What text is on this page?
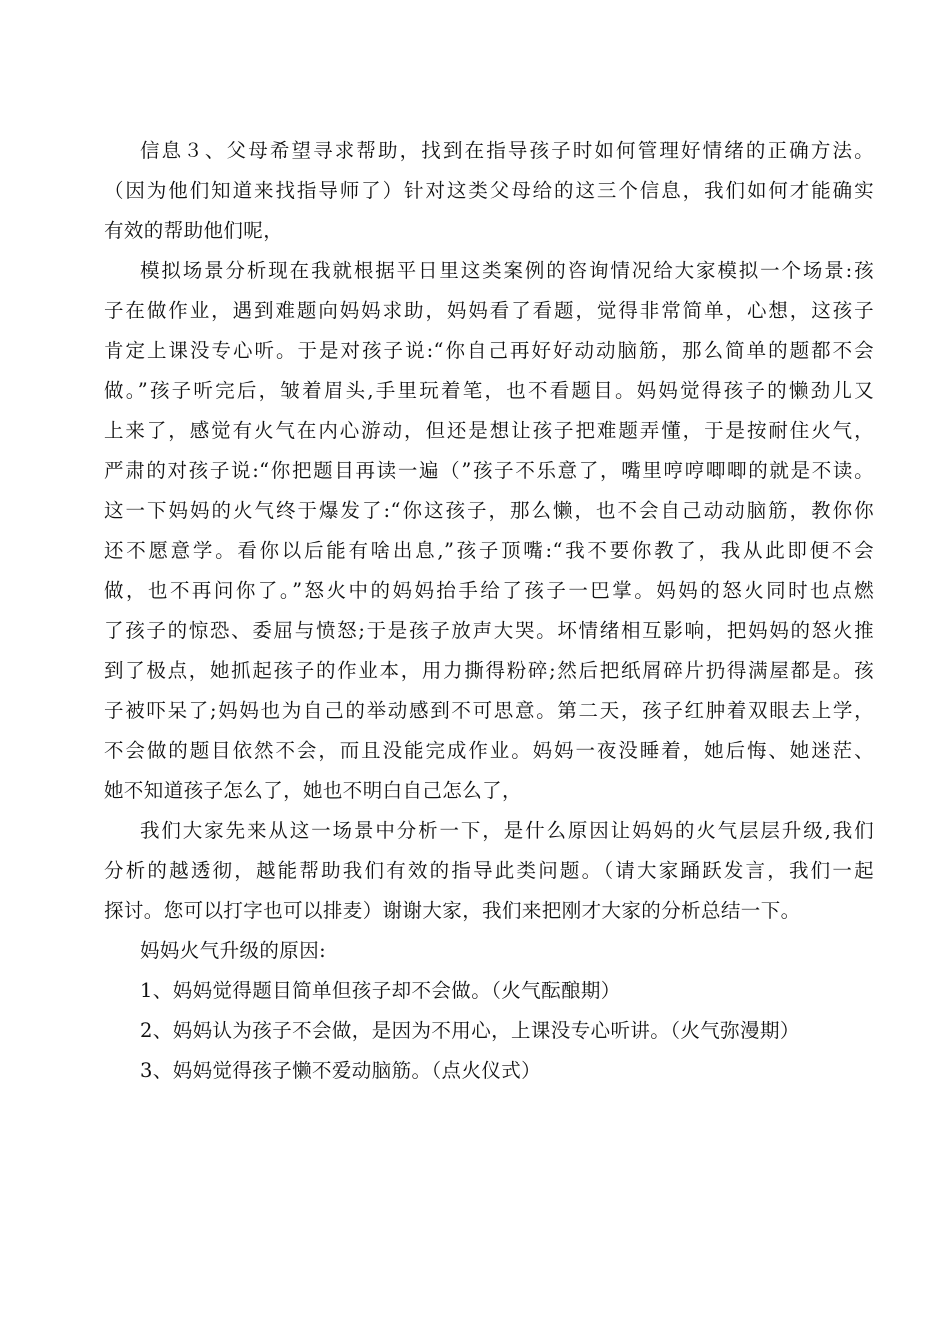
信息３、父母希望寻求帮助，找到在指导孩子时如何管理好情绪的正确方法。
（因为他们知道来找指导师了）针对这类父母给的这三个信息，我们如何才能确实
有效的帮助他们呢，
模拟场景分析现在我就根据平日里这类案例的咨询情况给大家模拟一个场景:孩
子在做作业，遇到难题向妈妈求助，妈妈看了看题，觉得非常简单，心想，这孩子
肯定上课没专心听。于是对孩子说:“你自己再好好动动脑筋，那么简单的题都不会
做。”孩子听完后，皱着眉头,手里玩着笔，也不看题目。妈妈觉得孩子的懒劲儿又
上来了，感觉有火气在内心游动，但还是想让孩子把难题弄懂，于是按耐住火气，
严肃的对孩子说:“你把题目再读一遍（”孩子不乐意了，嘴里哼哼唧唧的就是不读。
这一下妈妈的火气终于爆发了:“你这孩子，那么懒，也不会自己动动脑筋，教你你
还不愿意学。看你以后能有啥出息,”孩子顶嘴:“我不要你教了，我从此即便不会
做，也不再问你了。”怒火中的妈妈抬手给了孩子一巴掌。妈妈的怒火同时也点燃
了孩子的惊恐、委屈与愤怒;于是孩子放声大哭。坏情绪相互影响，把妈妈的怒火推
到了极点，她抓起孩子的作业本，用力撕得粉碎;然后把纸屑碎片扔得满屋都是。孩
子被吓呆了;妈妈也为自己的举动感到不可思意。第二天，孩子红肿着双眼去上学，
不会做的题目依然不会，而且没能完成作业。妈妈一夜没睡着，她后悔、她迷茫、
她不知道孩子怎么了，她也不明白自己怎么了，
我们大家先来从这一场景中分析一下，是什么原因让妈妈的火气层层升级,我们
分析的越透彻，越能帮助我们有效的指导此类问题。（请大家踊跃发言，我们一起
探讨。您可以打字也可以排麦）谢谢大家，我们来把刚才大家的分析总结一下。
妈妈火气升级的原因:
1、妈妈觉得题目简单但孩子却不会做。（火气酝酿期）
2、妈妈认为孩子不会做，是因为不用心，上课没专心听讲。（火气弥漫期）
3、妈妈觉得孩子懒不爱动脑筋。（点火仪式）
